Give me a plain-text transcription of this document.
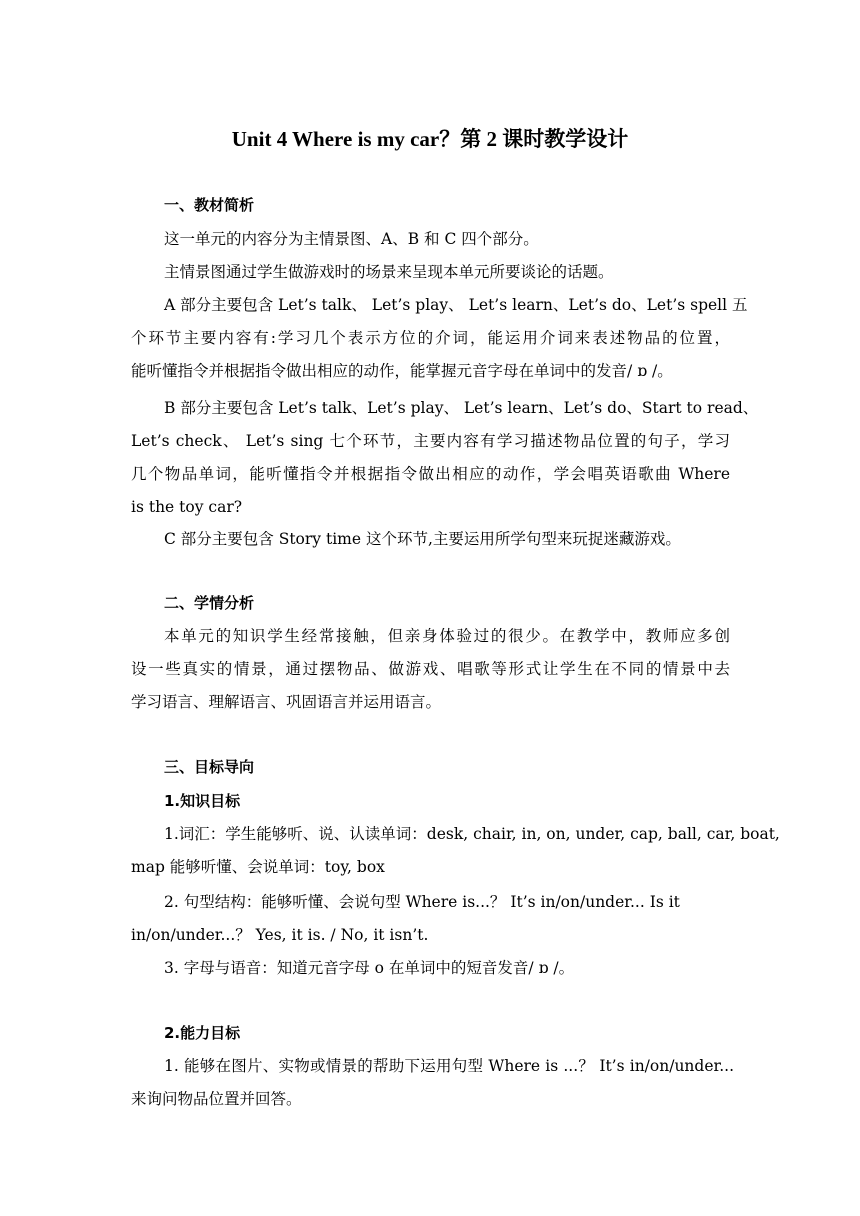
Unit 4 Where is my car？第 2 课时教学设计
一、教材简析
这一单元的内容分为主情景图、A、B 和 C 四个部分。
主情景图通过学生做游戏时的场景来呈现本单元所要谈论的话题。
A 部分主要包含 Let’s talk、 Let’s play、 Let’s learn、Let’s do、Let’s spell 五
个环节主要内容有:学习几个表示方位的介词，能运用介词来表述物品的位置，
能听懂指令并根据指令做出相应的动作，能掌握元音字母在单词中的发音/ ɒ /。
B 部分主要包含 Let’s talk、Let’s play、 Let’s learn、Let’s do、Start to read、
Let’s check、 Let’s sing 七个环节，主要内容有学习描述物品位置的句子，学习
几个物品单词，能听懂指令并根据指令做出相应的动作，学会唱英语歌曲 Where
is the toy car?
C 部分主要包含 Story time 这个环节,主要运用所学句型来玩捉迷藏游戏。
二、学情分析
本单元的知识学生经常接触，但亲身体验过的很少。在教学中，教师应多创
设一些真实的情景，通过摆物品、做游戏、唱歌等形式让学生在不同的情景中去
学习语言、理解语言、巩固语言并运用语言。
三、目标导向
1.知识目标
1.词汇：学生能够听、说、认读单词：desk, chair, in, on, under, cap, ball, car, boat,
map 能够听懂、会说单词：toy, box
2. 句型结构：能够听懂、会说句型 Where is...？ It’s in/on/under... Is it
in/on/under...？ Yes, it is. / No, it isn’t.
3. 字母与语音：知道元音字母 o 在单词中的短音发音/ ɒ /。
2.能力目标
1. 能够在图片、实物或情景的帮助下运用句型 Where is ...？ It’s in/on/under...
来询问物品位置并回答。
